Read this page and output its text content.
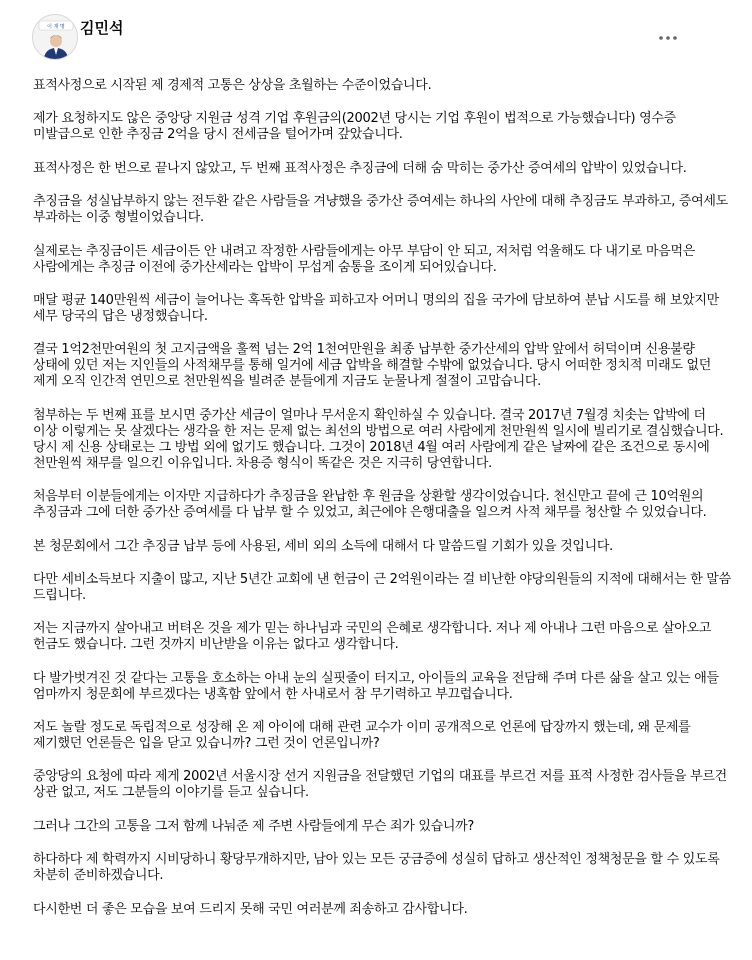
이 재 명 김민석

표적사정으로 시작된 제 경제적 고통은 상상을 초월하는 수준이었습니다.

제가 요청하지도 않은 중앙당 지원금 성격 기업 후원금의(2002년 당시는 기업 후원이 법적으로 가능했습니다) 영수증 미발급으로 인한 추징금 2억을 당시 전세금을 털어가며 갚았습니다.

표적사정은 한 번으로 끝나지 않았고, 두 번째 표적사정은 추징금에 더해 숨 막히는 중가산 증여세의 압박이 있었습니다.

추징금을 성실납부하지 않는 전두환 같은 사람들을 겨냥했을 중가산 증여세는 하나의 사안에 대해 추징금도 부과하고, 증여세도 부과하는 이중 형벌이었습니다.

실제로는 추징금이든 세금이든 안 내려고 작정한 사람들에게는 아무 부담이 안 되고, 저처럼 억울해도 다 내기로 마음먹은 사람에게는 추징금 이전에 중가산세라는 압박이 무섭게 숨통을 조이게 되어있습니다.

매달 평균 140만원씩 세금이 늘어나는 혹독한 압박을 피하고자 어머니 명의의 집을 국가에 담보하여 분납 시도를 해 보았지만 세무 당국의 답은 냉정했습니다.

결국 1억2천만여원의 첫 고지금액을 훌쩍 넘는 2억 1천여만원을 최종 납부한 중가산세의 압박 앞에서 허덕이며 신용불량 상태에 있던 저는 지인들의 사적채무를 통해 일거에 세금 압박을 해결할 수밖에 없었습니다. 당시 어떠한 정치적 미래도 없던 제게 오직 인간적 연민으로 천만원씩을 빌려준 분들에게 지금도 눈물나게 절절이 고맙습니다.

첨부하는 두 번째 표를 보시면 중가산 세금이 얼마나 무서운지 확인하실 수 있습니다. 결국 2017년 7월경 치솟는 압박에 더 이상 이렇게는 못 살겠다는 생각을 한 저는 문제 없는 최선의 방법으로 여러 사람에게 천만원씩 일시에 빌리기로 결심했습니다. 당시 제 신용 상태로는 그 방법 외에 없기도 했습니다. 그것이 2018년 4월 여러 사람에게 같은 날짜에 같은 조건으로 동시에 천만원씩 채무를 일으킨 이유입니다. 차용증 형식이 똑같은 것은 지극히 당연합니다.

처음부터 이분들에게는 이자만 지급하다가 추징금을 완납한 후 원금을 상환할 생각이었습니다. 천신만고 끝에 근 10억원의 추징금과 그에 더한 중가산 증여세를 다 납부 할 수 있었고, 최근에야 은행대출을 일으켜 사적 채무를 청산할 수 있었습니다.

본 청문회에서 그간 추징금 납부 등에 사용된, 세비 외의 소득에 대해서 다 말씀드릴 기회가 있을 것입니다.

다만 세비소득보다 지출이 많고, 지난 5년간 교회에 낸 헌금이 근 2억원이라는 걸 비난한 야당의원들의 지적에 대해서는 한 말씀 드립니다.

저는 지금까지 살아내고 버텨온 것을 제가 믿는 하나님과 국민의 은혜로 생각합니다. 저나 제 아내나 그런 마음으로 살아오고 헌금도 했습니다. 그런 것까지 비난받을 이유는 없다고 생각합니다.

다 발가벗겨진 것 같다는 고통을 호소하는 아내 눈의 실핏줄이 터지고, 아이들의 교육을 전담해 주며 다른 삶을 살고 있는 애들 엄마까지 청문회에 부르겠다는 냉혹함 앞에서 한 사내로서 참 무기력하고 부끄럽습니다.

저도 놀랄 정도로 독립적으로 성장해 온 제 아이에 대해 관련 교수가 이미 공개적으로 언론에 답장까지 했는데, 왜 문제를 제기했던 언론들은 입을 닫고 있습니까? 그런 것이 언론입니까?

중앙당의 요청에 따라 제게 2002년 서울시장 선거 지원금을 전달했던 기업의 대표를 부르건 저를 표적 사정한 검사들을 부르건 상관 없고, 저도 그분들의 이야기를 듣고 싶습니다.

그러나 그간의 고통을 그저 함께 나눠준 제 주변 사람들에게 무슨 죄가 있습니까?

하다하다 제 학력까지 시비당하니 황당무개하지만, 남아 있는 모든 궁금증에 성실히 답하고 생산적인 정책청문을 할 수 있도록 차분히 준비하겠습니다.

다시한번 더 좋은 모습을 보여 드리지 못해 국민 여러분께 죄송하고 감사합니다.
